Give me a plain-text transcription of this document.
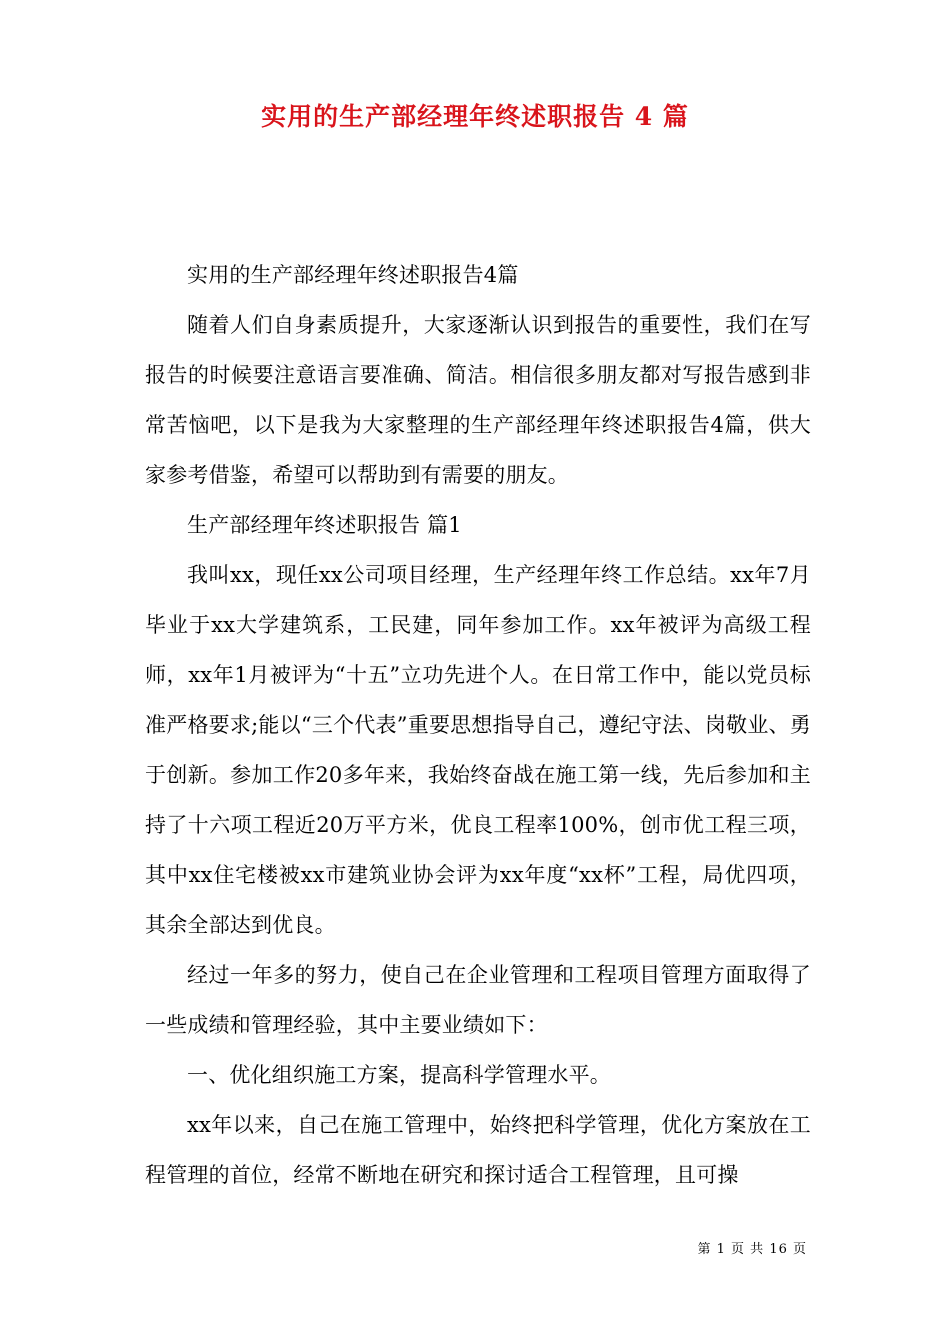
实用的生产部经理年终述职报告 4 篇

实用的生产部经理年终述职报告4篇

随着人们自身素质提升，大家逐渐认识到报告的重要性，我们在写报告的时候要注意语言要准确、简洁。相信很多朋友都对写报告感到非常苦恼吧，以下是我为大家整理的生产部经理年终述职报告4篇，供大家参考借鉴，希望可以帮助到有需要的朋友。

生产部经理年终述职报告 篇1

我叫xx，现任xx公司项目经理，生产经理年终工作总结。xx年7月毕业于xx大学建筑系，工民建，同年参加工作。xx年被评为高级工程师，xx年1月被评为“十五”立功先进个人。在日常工作中，能以党员标准严格要求;能以“三个代表”重要思想指导自己，遵纪守法、岗敬业、勇于创新。参加工作20多年来，我始终奋战在施工第一线，先后参加和主持了十六项工程近20万平方米，优良工程率100%，创市优工程三项，其中xx住宅楼被xx市建筑业协会评为xx年度“xx杯”工程，局优四项，其余全部达到优良。

经过一年多的努力，使自己在企业管理和工程项目管理方面取得了一些成绩和管理经验，其中主要业绩如下：

一、优化组织施工方案，提高科学管理水平。

xx年以来，自己在施工管理中，始终把科学管理，优化方案放在工程管理的首位，经常不断地在研究和探讨适合工程管理，且可操

第 1 页 共 16 页
